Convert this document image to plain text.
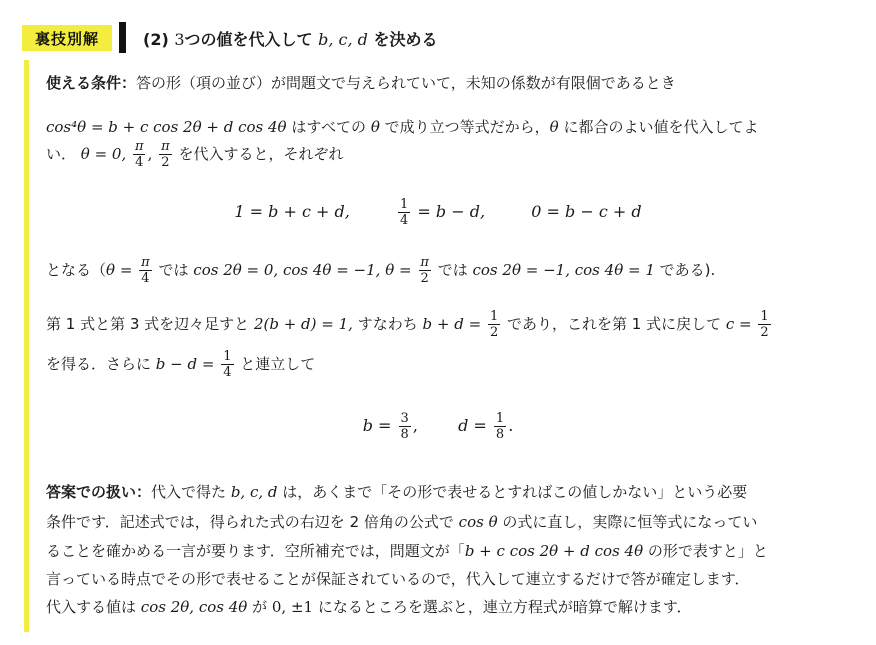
裏技別解	(2) 3つの値を代入して b, c, d を決める
使える条件：答の形（項の並び）が問題文で与えられていて，未知の係数が有限個であるとき
cos⁴θ = b + c cos 2θ + d cos 4θ はすべての θ で成り立つ等式だから，θ に都合のよい値を代入してよ
い． θ = 0, $\frac{\pi}{4}$ , $\frac{\pi}{2}$ を代入すると，それぞれ
1 = b + c + d,	$\frac{1}{4} = b - d$,	0 = b − c + d
となる（$\theta = \frac{\pi}{4}$ では cos 2θ = 0, cos 4θ = −1, $\theta = \frac{\pi}{2}$ では cos 2θ = −1, cos 4θ = 1 である).
第 1 式と第 3 式を辺々足すと 2(b + d) = 1, すなわち $b + d = \frac{1}{2}$ であり，これを第 1 式に戻して $c = \frac{1}{2}$
を得る．さらに $b - d = \frac{1}{4}$ と連立して
$b = \frac{3}{8}$ ,	$d = \frac{1}{8}$ .
答案での扱い：代入で得た b, c, d は，あくまで「その形で表せるとすればこの値しかない」という必要
条件です．記述式では，得られた式の右辺を 2 倍角の公式で cos θ の式に直し，実際に恒等式になってい
ることを確かめる一言が要ります．空所補充では，問題文が「b + c cos 2θ + d cos 4θ の形で表すと」と
言っている時点でその形で表せることが保証されているので，代入して連立するだけで答が確定します．
代入する値は cos 2θ, cos 4θ が 0, ±1 になるところを選ぶと，連立方程式が暗算で解けます．
